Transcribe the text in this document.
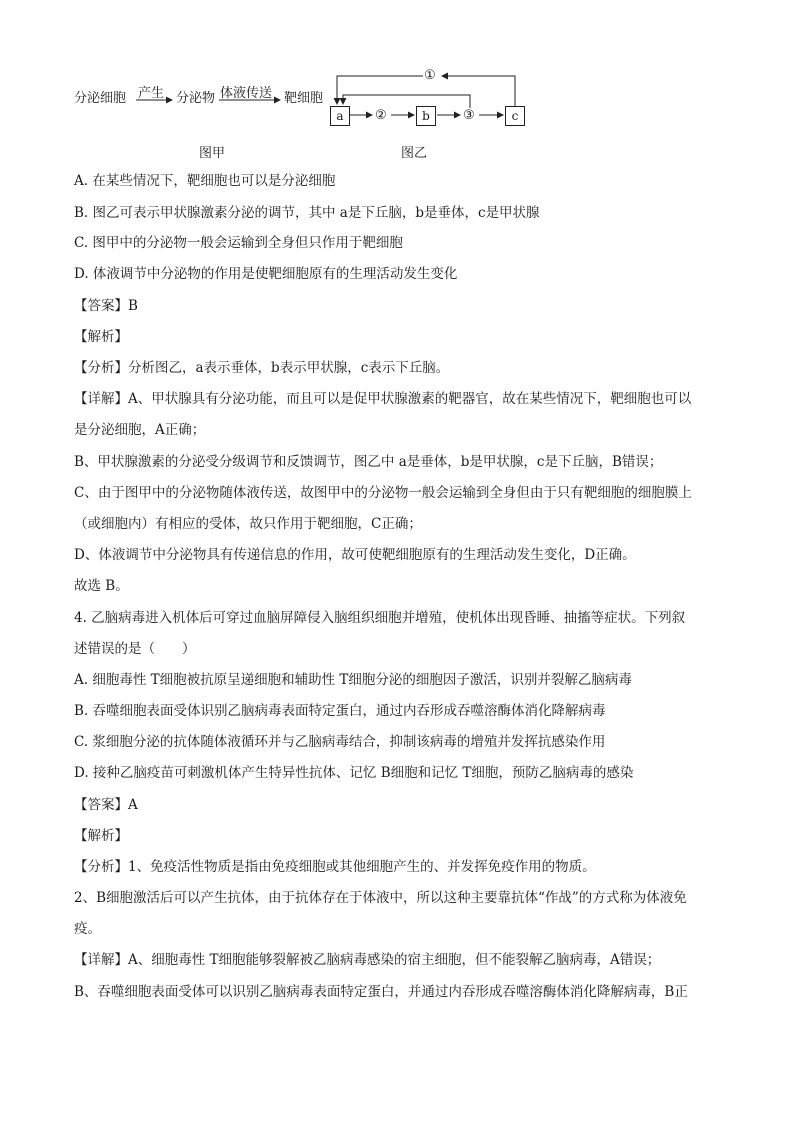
分泌细胞 产生 分泌物 体液传送 靶细胞
图甲
a	b	c
①
②	③
图乙
A. 在某些情况下，靶细胞也可以是分泌细胞
B. 图乙可表示甲状腺激素分泌的调节，其中 a是下丘脑，b是垂体，c是甲状腺
C. 图甲中的分泌物一般会运输到全身但只作用于靶细胞
D. 体液调节中分泌物的作用是使靶细胞原有的生理活动发生变化
【答案】B
【解析】
【分析】分析图乙，a表示垂体，b表示甲状腺，c表示下丘脑。
【详解】A、甲状腺具有分泌功能，而且可以是促甲状腺激素的靶器官，故在某些情况下，靶细胞也可以
是分泌细胞，A正确；
B、甲状腺激素的分泌受分级调节和反馈调节，图乙中 a是垂体，b是甲状腺，c是下丘脑，B错误；
C、由于图甲中的分泌物随体液传送，故图甲中的分泌物一般会运输到全身但由于只有靶细胞的细胞膜上
（或细胞内）有相应的受体，故只作用于靶细胞，C正确；
D、体液调节中分泌物具有传递信息的作用，故可使靶细胞原有的生理活动发生变化，D正确。
故选 B。
4. 乙脑病毒进入机体后可穿过血脑屏障侵入脑组织细胞并增殖，使机体出现昏睡、抽搐等症状。下列叙
述错误的是（　　）
A. 细胞毒性 T细胞被抗原呈递细胞和辅助性 T细胞分泌的细胞因子激活，识别并裂解乙脑病毒
B. 吞噬细胞表面受体识别乙脑病毒表面特定蛋白，通过内吞形成吞噬溶酶体消化降解病毒
C. 浆细胞分泌的抗体随体液循环并与乙脑病毒结合，抑制该病毒的增殖并发挥抗感染作用
D. 接种乙脑疫苗可刺激机体产生特异性抗体、记忆 B细胞和记忆 T细胞，预防乙脑病毒的感染
【答案】A
【解析】
【分析】1、免疫活性物质是指由免疫细胞或其他细胞产生的、并发挥免疫作用的物质。
2、B细胞激活后可以产生抗体，由于抗体存在于体液中，所以这种主要靠抗体“作战”的方式称为体液免
疫。
【详解】A、细胞毒性 T细胞能够裂解被乙脑病毒感染的宿主细胞，但不能裂解乙脑病毒，A错误；
B、吞噬细胞表面受体可以识别乙脑病毒表面特定蛋白，并通过内吞形成吞噬溶酶体消化降解病毒，B正
